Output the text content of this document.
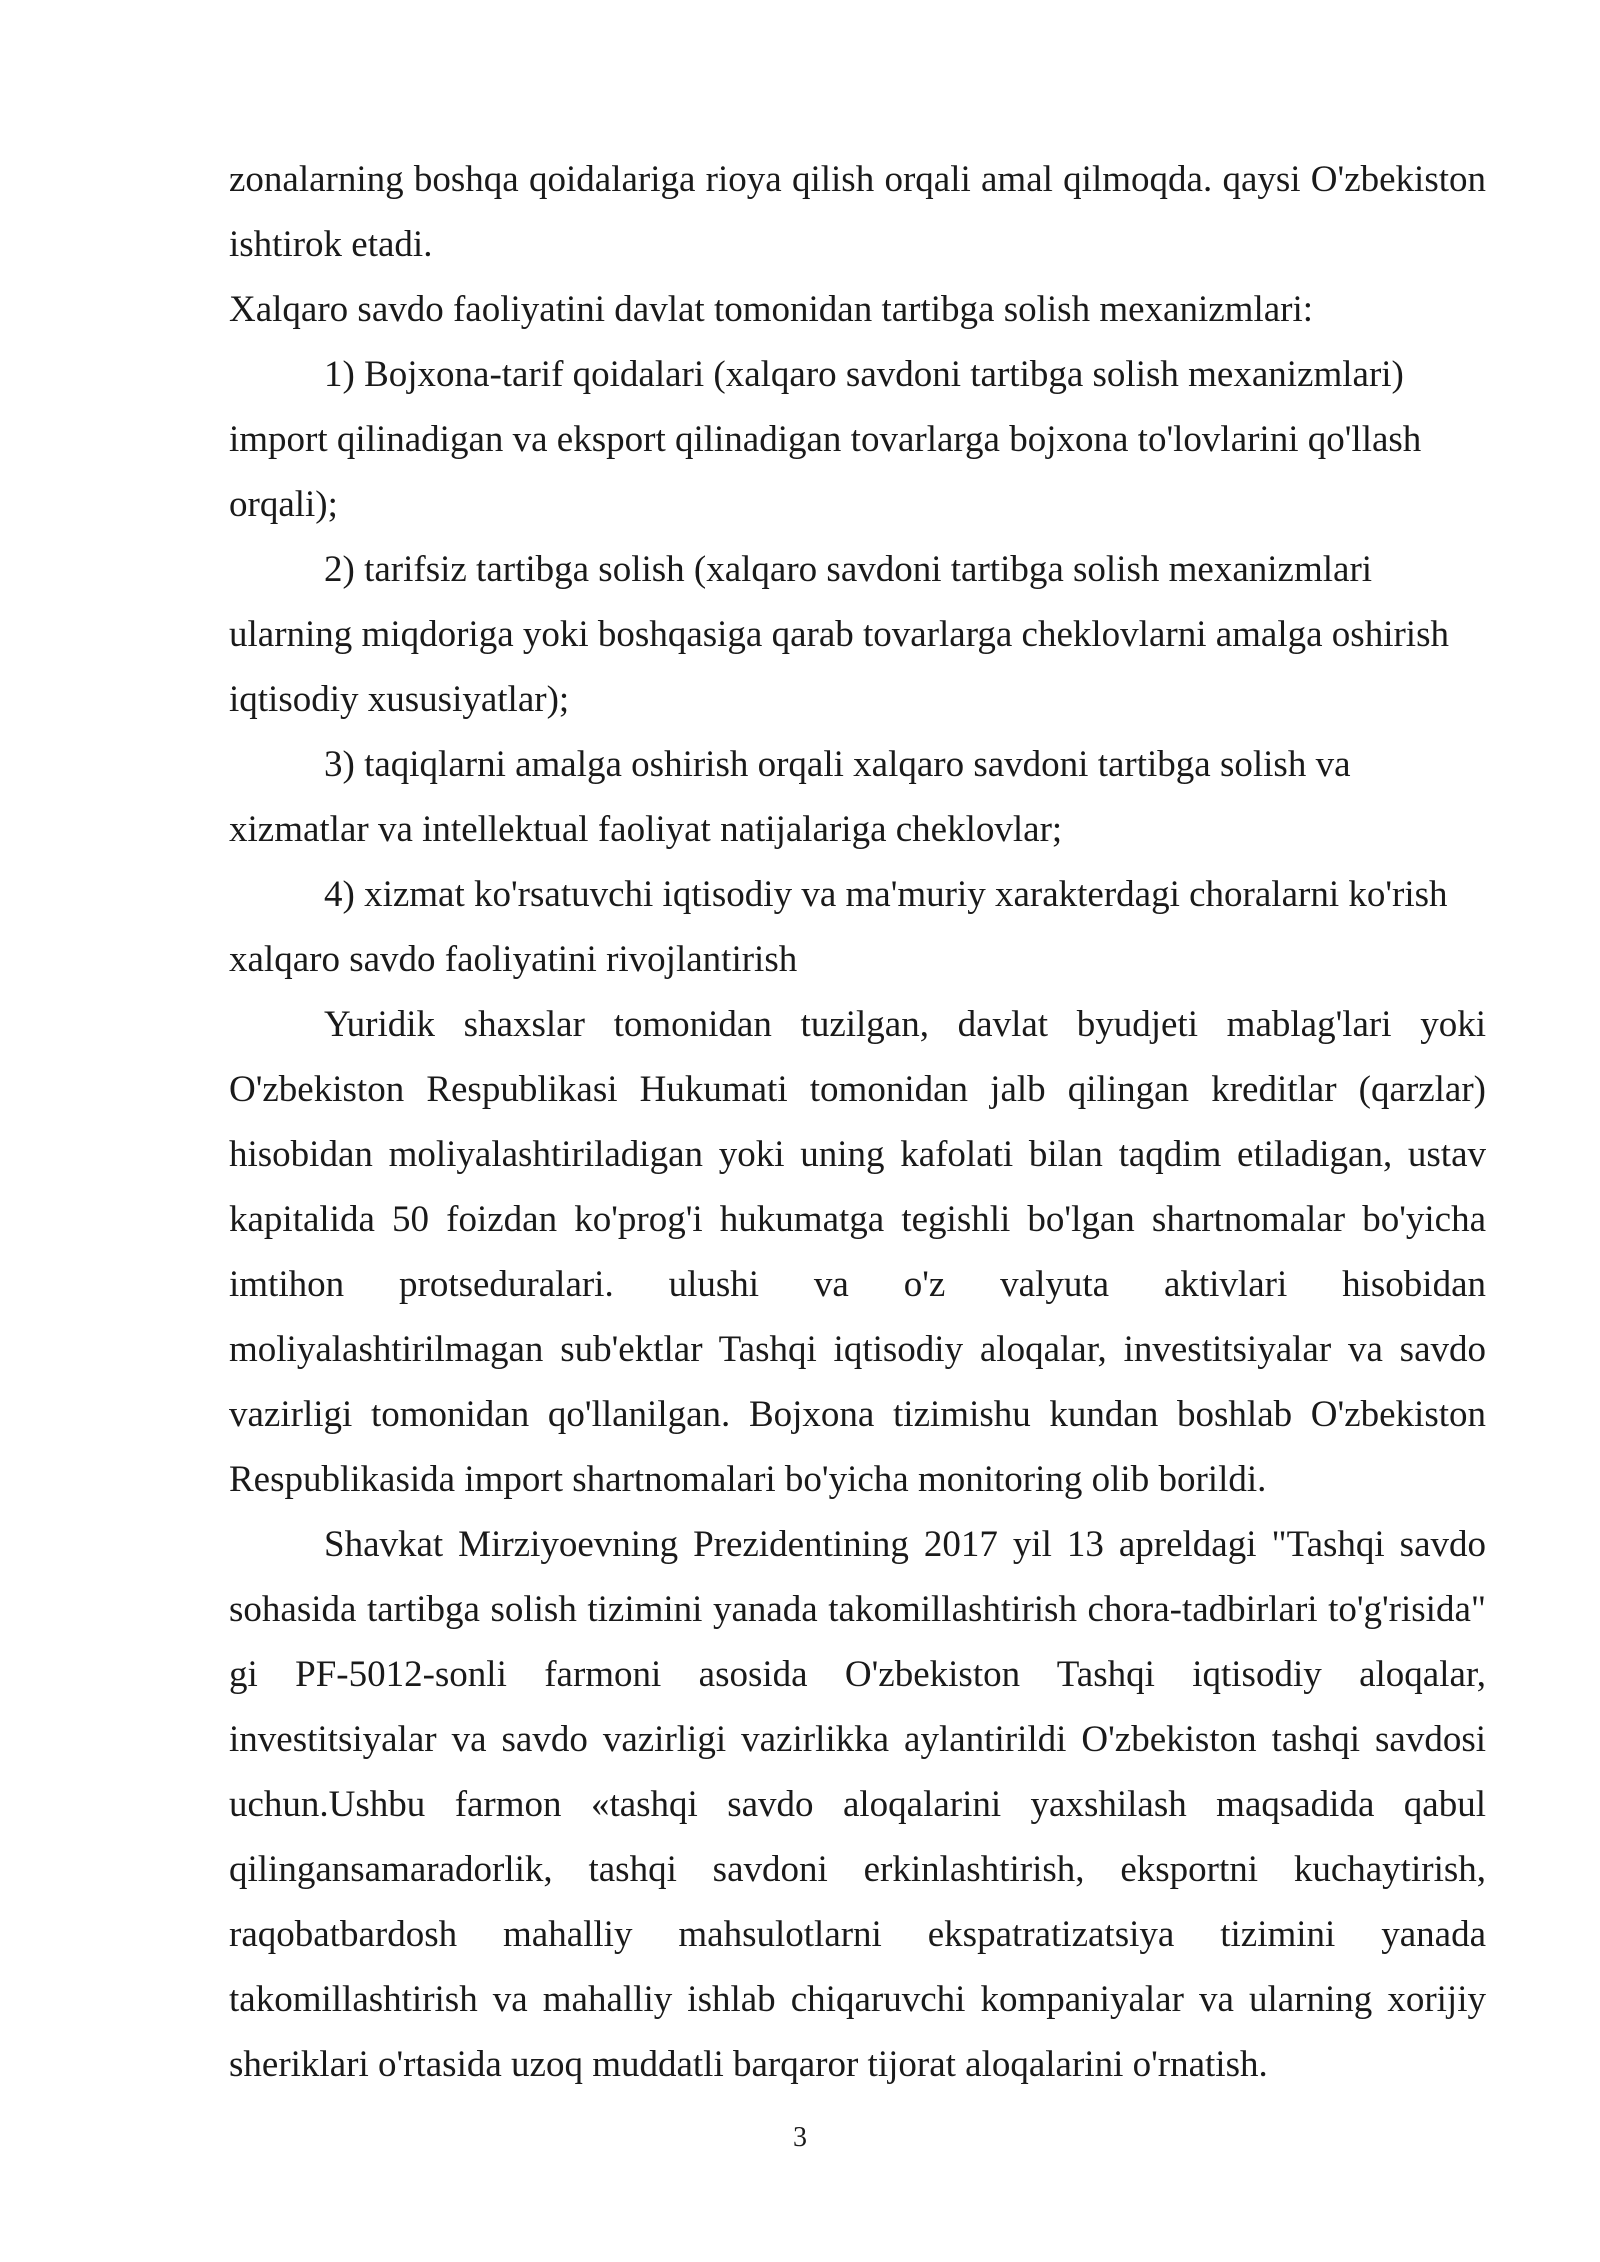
zonalarning boshqa qoidalariga rioya qilish orqali amal qilmoqda. qaysi O'zbekiston ishtirok etadi.

Xalqaro savdo faoliyatini davlat tomonidan tartibga solish mexanizmlari:

1) Bojxona-tarif qoidalari (xalqaro savdoni tartibga solish mexanizmlari) import qilinadigan va eksport qilinadigan tovarlarga bojxona to'lovlarini qo'llash orqali);

2) tarifsiz tartibga solish (xalqaro savdoni tartibga solish mexanizmlari ularning miqdoriga yoki boshqasiga qarab tovarlarga cheklovlarni amalga oshirish iqtisodiy xususiyatlar);

3) taqiqlarni amalga oshirish orqali xalqaro savdoni tartibga solish va xizmatlar va intellektual faoliyat natijalariga cheklovlar;

4) xizmat ko'rsatuvchi iqtisodiy va ma'muriy xarakterdagi choralarni ko'rish xalqaro savdo faoliyatini rivojlantirish

Yuridik shaxslar tomonidan tuzilgan, davlat byudjeti mablag'lari yoki O'zbekiston Respublikasi Hukumati tomonidan jalb qilingan kreditlar (qarzlar) hisobidan moliyalashtiriladigan yoki uning kafolati bilan taqdim etiladigan, ustav kapitalida 50 foizdan ko'prog'i hukumatga tegishli bo'lgan shartnomalar bo'yicha imtihon protseduralari. ulushi va o'z valyuta aktivlari hisobidan moliyalashtirilmagan sub'ektlar Tashqi iqtisodiy aloqalar, investitsiyalar va savdo vazirligi tomonidan qo'llanilgan. Bojxona tizimishu kundan boshlab O'zbekiston Respublikasida import shartnomalari bo'yicha monitoring olib borildi.

Shavkat Mirziyoevning Prezidentining 2017 yil 13 apreldagi "Tashqi savdo sohasida tartibga solish tizimini yanada takomillashtirish chora-tadbirlari to'g'risida" gi PF-5012-sonli farmoni asosida O'zbekiston Tashqi iqtisodiy aloqalar, investitsiyalar va savdo vazirligi vazirlikka aylantirildi O'zbekiston tashqi savdosi uchun.Ushbu farmon «tashqi savdo aloqalarini yaxshilash maqsadida qabul qilingansamaradorlik, tashqi savdoni erkinlashtirish, eksportni kuchaytirish, raqobatbardosh mahalliy mahsulotlarni ekspatratizatsiya tizimini yanada takomillashtirish va mahalliy ishlab chiqaruvchi kompaniyalar va ularning xorijiy sheriklari o'rtasida uzoq muddatli barqaror tijorat aloqalarini o'rnatish.

3
